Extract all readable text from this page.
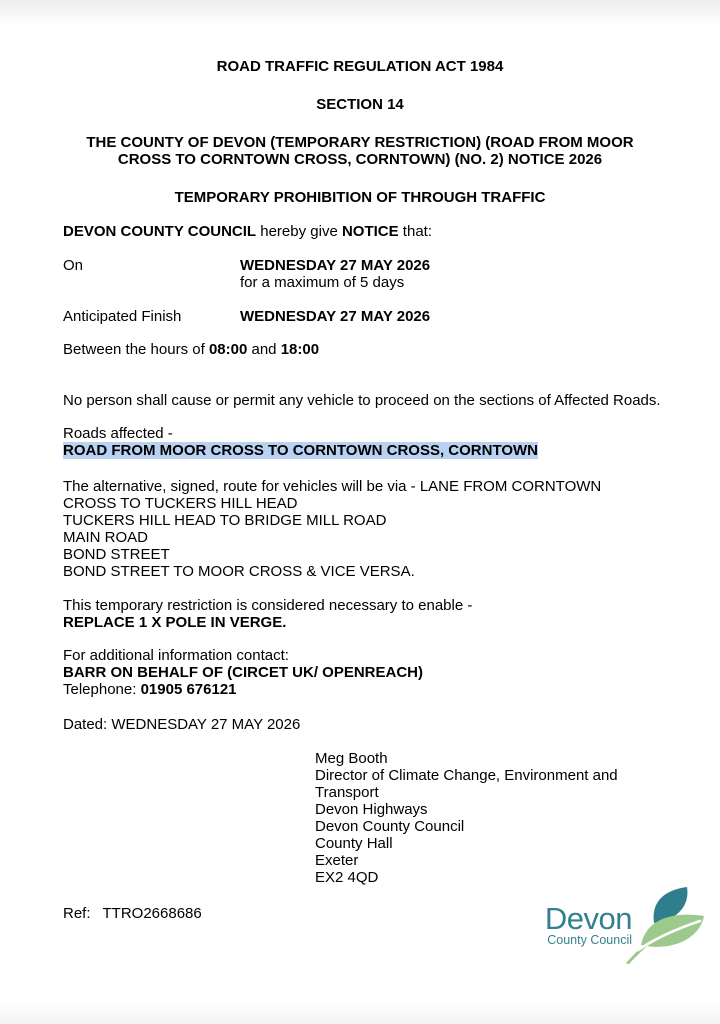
ROAD TRAFFIC REGULATION ACT 1984

SECTION 14

THE COUNTY OF DEVON (TEMPORARY RESTRICTION) (ROAD FROM MOOR CROSS TO CORNTOWN CROSS, CORNTOWN) (NO. 2) NOTICE 2026

TEMPORARY PROHIBITION OF THROUGH TRAFFIC

DEVON COUNTY COUNCIL hereby give NOTICE that:

On	WEDNESDAY 27 MAY 2026

for a maximum of 5 days

Anticipated Finish	WEDNESDAY 27 MAY 2026

Between the hours of 08:00 and 18:00

No person shall cause or permit any vehicle to proceed on the sections of Affected Roads.

Roads affected -

ROAD FROM MOOR CROSS TO CORNTOWN CROSS, CORNTOWN

The alternative, signed, route for vehicles will be via - LANE FROM CORNTOWN CROSS TO TUCKERS HILL HEAD

TUCKERS HILL HEAD TO BRIDGE MILL ROAD

MAIN ROAD

BOND STREET

BOND STREET TO MOOR CROSS & VICE VERSA.

This temporary restriction is considered necessary to enable -

REPLACE 1 X POLE IN VERGE.

For additional information contact:

BARR ON BEHALF OF (CIRCET UK/ OPENREACH)

Telephone: 01905 676121

Dated: WEDNESDAY 27 MAY 2026

Meg Booth

Director of Climate Change, Environment and

Transport

Devon Highways

Devon County Council

County Hall

Exeter

EX2 4QD

Ref: TTRO2668686	Devon
County Council
